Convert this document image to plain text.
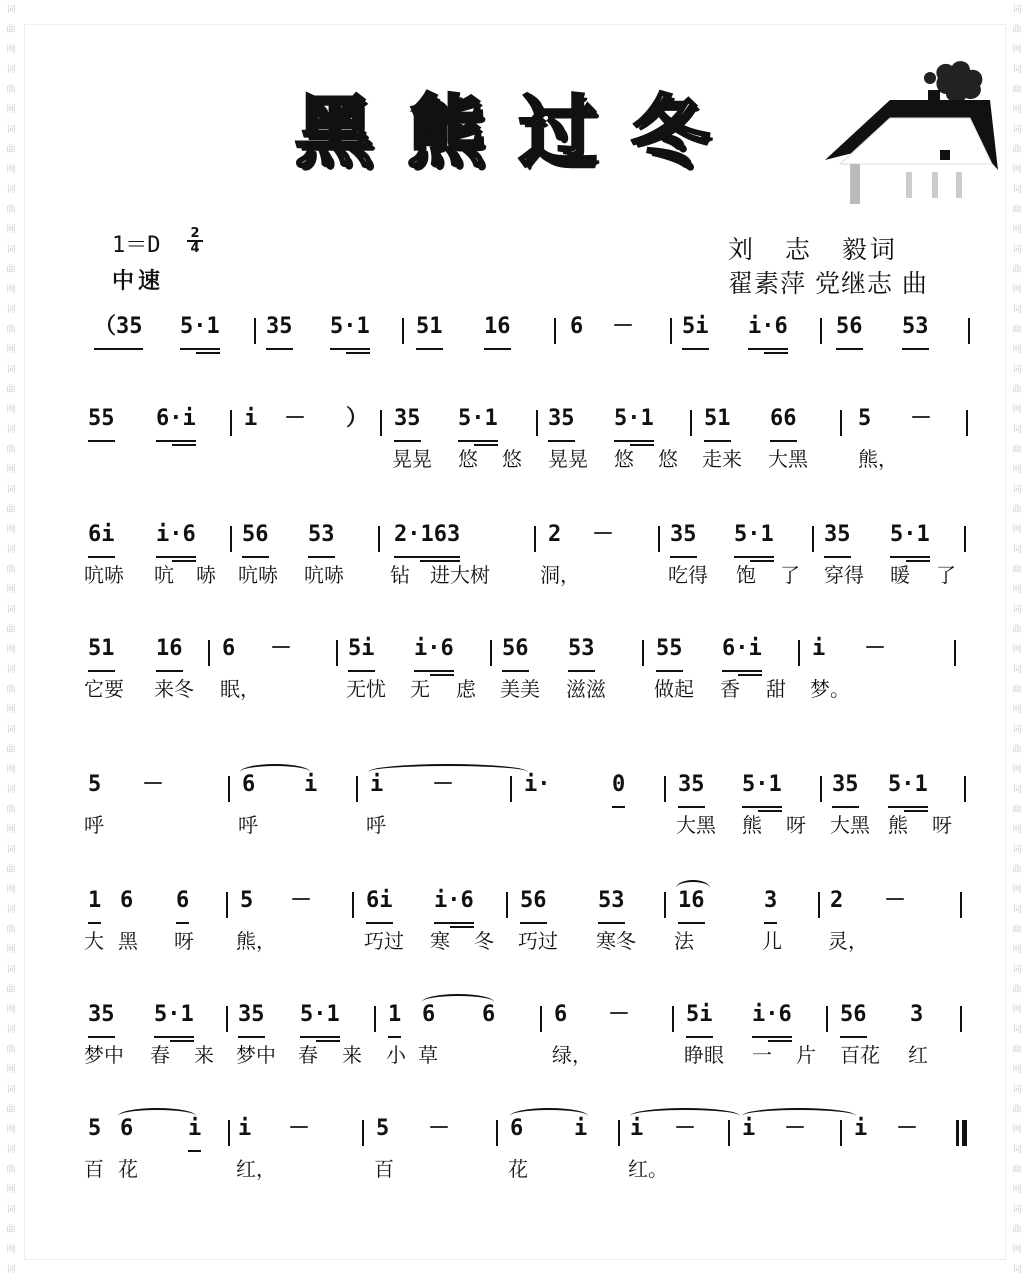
词
曲
网
词
曲
网
词
曲
网
词
曲
网
词
曲
网
词
曲
网
词
曲
网
词
曲
网
词
曲
网
词
曲
网
词
曲
网
词
曲
网
词
曲
网
词
曲
网
词
曲
网
词
曲
网
词
曲
网
词
曲
网
词
曲
网
词
曲
网
词
曲
网
词
词
曲
网
词
曲
网
词
曲
网
词
曲
网
词
曲
网
词
曲
网
词
曲
网
词
曲
网
词
曲
网
词
曲
网
词
曲
网
词
曲
网
词
曲
网
词
曲
网
词
曲
网
词
曲
网
词
曲
网
词
曲
网
词
曲
网
词
曲
网
词
曲
网
词
黑熊过冬
1＝D 2
4
中速
刘 志 毅词
翟素萍 党继志 曲
（35 5·1 35 5·1 51 16	6 － 5i i·6 56 53
55 6·i i － ） 35 5·1 35 5·1 51 66	5 －
晃晃 悠 悠 晃晃 悠 悠 走来 大黑	熊，
6i i·6 56 53	2·163	2 －	35 5·1 35 5·1
吭哧 吭 哧 吭哧 吭哧 钻 进大树	洞，	吃得 饱 了 穿得 暖 了
51 16 6 －	5i i·6 56 53	55 6·i i －
它要 来冬 眠，	无忧 无 虑 美美 滋滋 做起 香 甜 梦。
5 －	6 i i －	i·	0 35 5·1 35 5·1
呼	呼	呼	大黑 熊 呀 大黑 熊 呀
1 6 6 5 － 6i i·6 56 53 16	3 2 －
大 黑 呀 熊，	巧过 寒 冬 巧过 寒冬 法	儿 灵，
35 5·1 35 5·1 1 6 6	6 －	5i i·6 56 3
梦中 春 来 梦中 春 来 小 草	绿，	睁眼 一 片 百花 红
5 6 i i －	5 －	6 i i － i － i －
百 花	红，	百	花	红。
